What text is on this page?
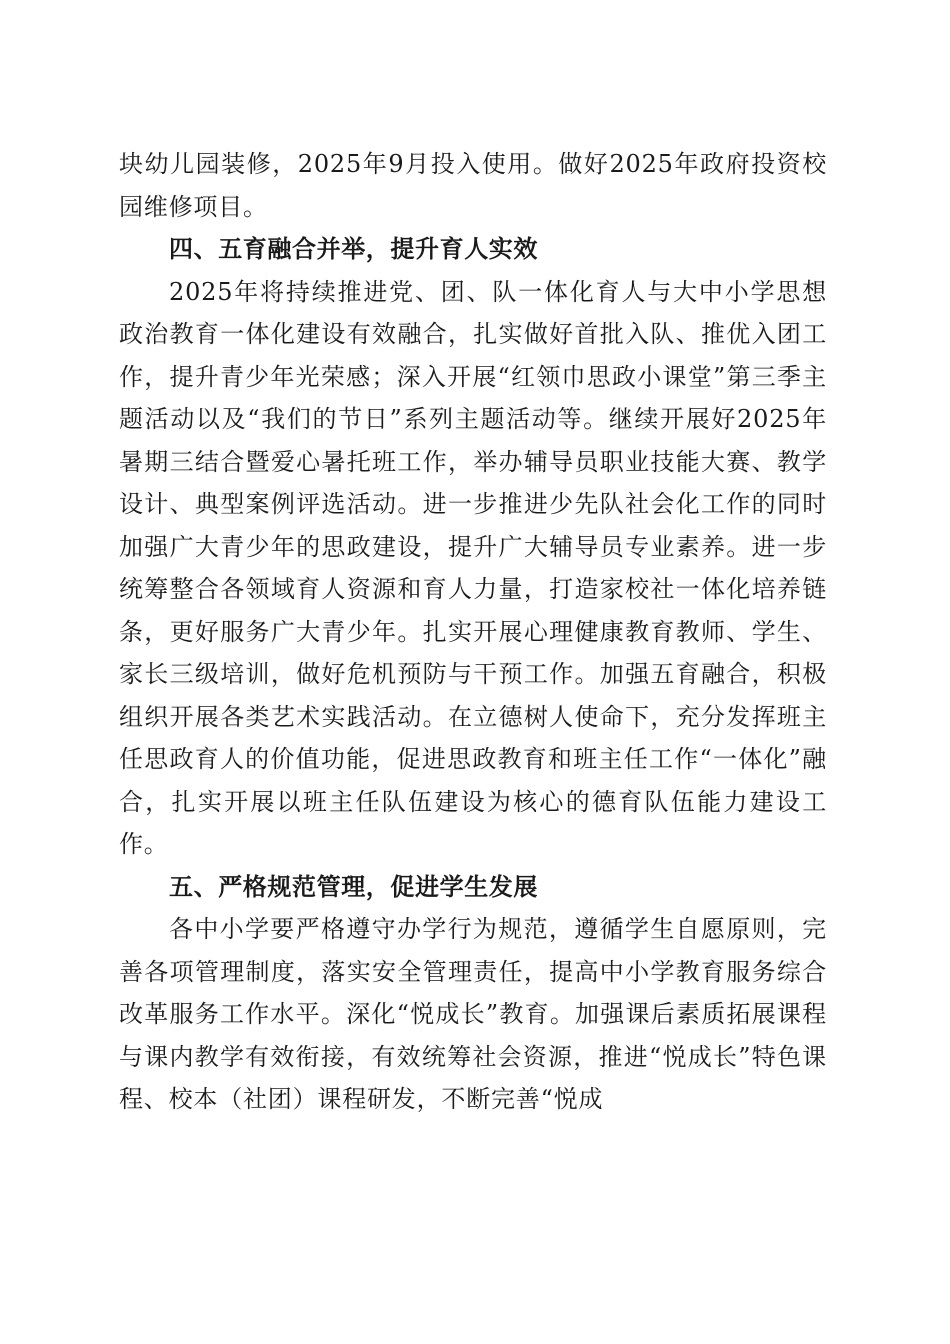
块幼儿园装修，2025年9月投入使用。做好2025年政府投资校园维修项目。

四、五育融合并举，提升育人实效

2025年将持续推进党、团、队一体化育人与大中小学思想政治教育一体化建设有效融合，扎实做好首批入队、推优入团工作，提升青少年光荣感；深入开展“红领巾思政小课堂”第三季主题活动以及“我们的节日”系列主题活动等。继续开展好2025年暑期三结合暨爱心暑托班工作，举办辅导员职业技能大赛、教学设计、典型案例评选活动。进一步推进少先队社会化工作的同时加强广大青少年的思政建设，提升广大辅导员专业素养。进一步统筹整合各领域育人资源和育人力量，打造家校社一体化培养链条，更好服务广大青少年。扎实开展心理健康教育教师、学生、家长三级培训，做好危机预防与干预工作。加强五育融合，积极组织开展各类艺术实践活动。在立德树人使命下，充分发挥班主任思政育人的价值功能，促进思政教育和班主任工作“一体化”融合，扎实开展以班主任队伍建设为核心的德育队伍能力建设工作。

五、严格规范管理，促进学生发展

各中小学要严格遵守办学行为规范，遵循学生自愿原则，完善各项管理制度，落实安全管理责任，提高中小学教育服务综合改革服务工作水平。深化“悦成长”教育。加强课后素质拓展课程与课内教学有效衔接，有效统筹社会资源，推进“悦成长”特色课程、校本（社团）课程研发，不断完善“悦成
